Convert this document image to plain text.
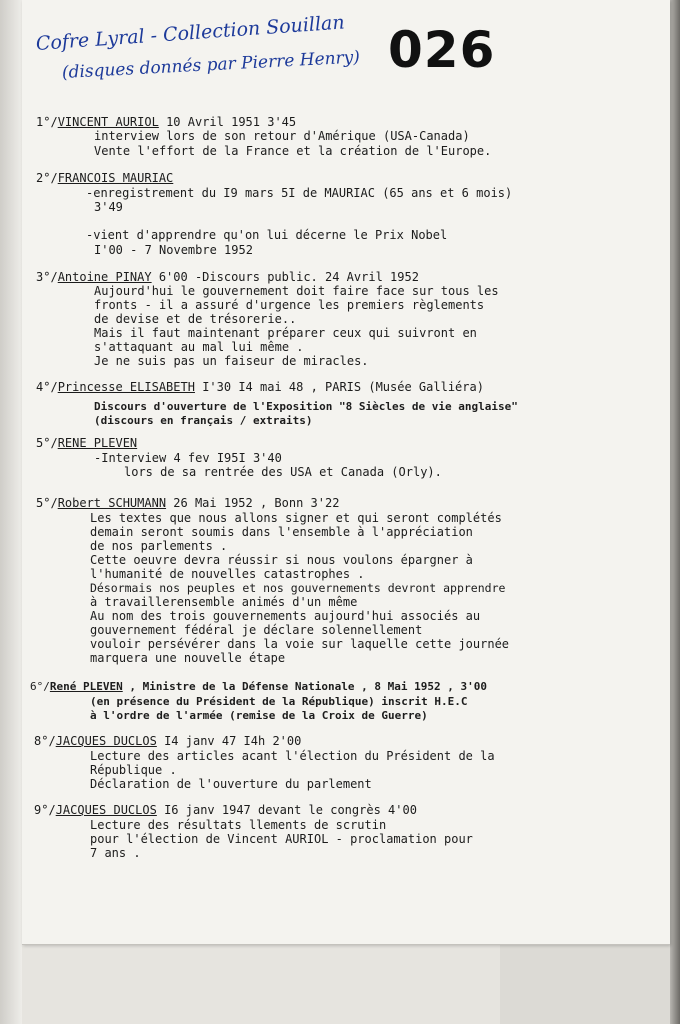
Cofre Lyral - Collection Souillan
(disques donnés par Pierre Henry) 026
1°/VINCENT AURIOL 10 Avril 1951 3'45
interview lors de son retour d'Amérique (USA-Canada)
Vente l'effort de la France et la création de l'Europe.
2°/FRANCOIS MAURIAC
-enregistrement du I9 mars 5I de MAURIAC (65 ans et 6 mois)
3'49
-vient d'apprendre qu'on lui décerne le Prix Nobel
I'00 - 7 Novembre 1952
3°/Antoine PINAY 6'00 -Discours public. 24 Avril 1952
Aujourd'hui le gouvernement doit faire face sur tous les
fronts - il a assuré d'urgence les premiers règlements
de devise et de trésorerie..
Mais il faut maintenant préparer ceux qui suivront en
s'attaquant au mal lui même .
Je ne suis pas un faiseur de miracles.
4°/Princesse ELISABETH I'30 I4 mai 48 , PARIS (Musée Galliéra)
Discours d'ouverture de l'Exposition "8 Siècles de vie anglaise"
(discours en français / extraits)
5°/RENE PLEVEN
-Interview 4 fev I95I 3'40
lors de sa rentrée des USA et Canada (Orly).
5°/Robert SCHUMANN 26 Mai 1952 , Bonn 3'22
Les textes que nous allons signer et qui seront complétés
demain seront soumis dans l'ensemble à l'appréciation
de nos parlements .
Cette oeuvre devra réussir si nous voulons épargner à
l'humanité de nouvelles catastrophes .
Désormais nos peuples et nos gouvernements devront apprendre
à travaillerensemble animés d'un même
Au nom des trois gouvernements aujourd'hui associés au
gouvernement fédéral je déclare solennellement
vouloir persévérer dans la voie sur laquelle cette journée
marquera une nouvelle étape
6°/René PLEVEN , Ministre de la Défense Nationale , 8 Mai 1952 , 3'00
(en présence du Président de la République) inscrit H.E.C
à l'ordre de l'armée (remise de la Croix de Guerre)
8°/JACQUES DUCLOS I4 janv 47 I4h 2'00
Lecture des articles acant l'élection du Président de la
République .
Déclaration de l'ouverture du parlement
9°/JACQUES DUCLOS I6 janv 1947 devant le congrès 4'00
Lecture des résultats llements de scrutin
pour l'élection de Vincent AURIOL - proclamation pour
7 ans .
